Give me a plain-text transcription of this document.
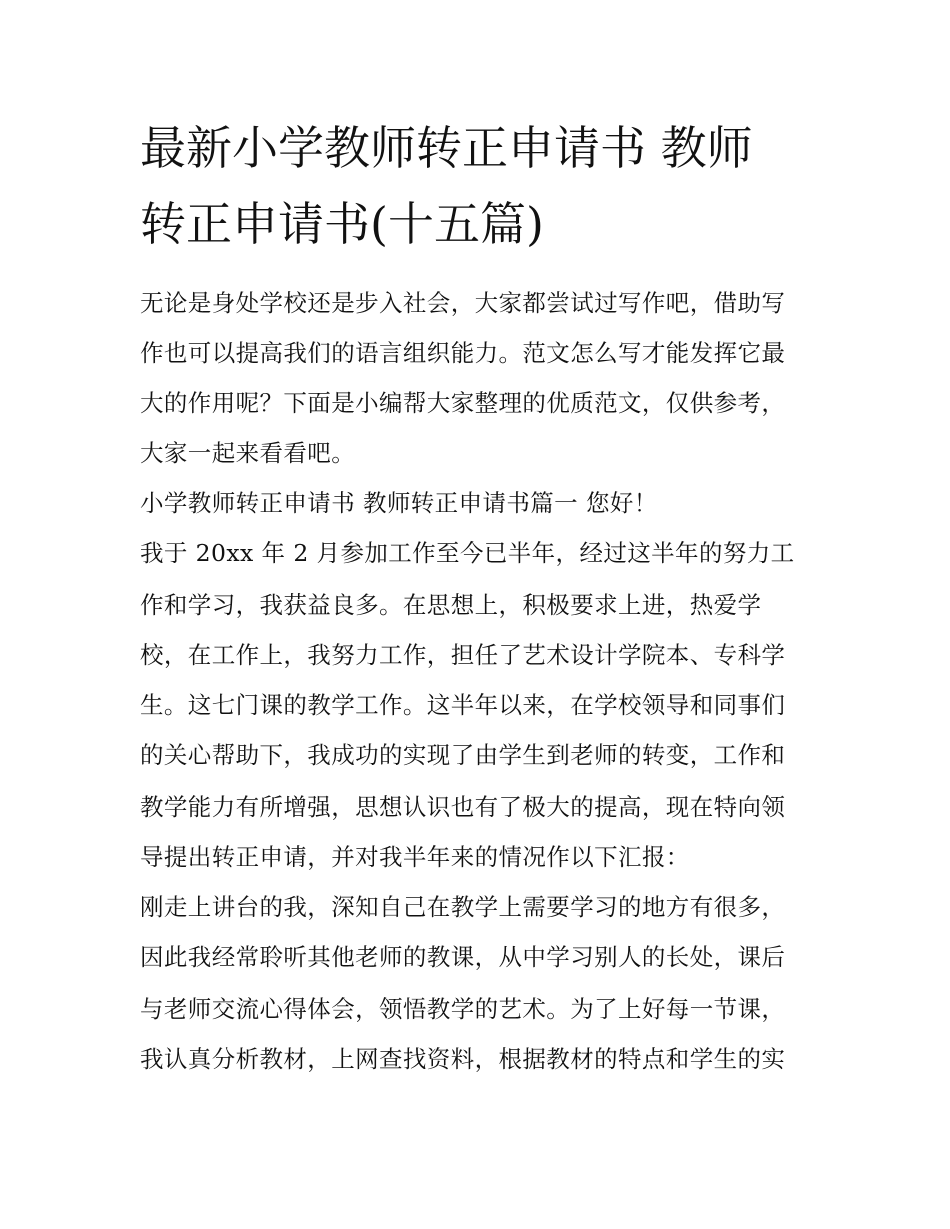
最新小学教师转正申请书 教师
转正申请书(十五篇)

无论是身处学校还是步入社会，大家都尝试过写作吧，借助写

作也可以提高我们的语言组织能力。范文怎么写才能发挥它最

大的作用呢？下面是小编帮大家整理的优质范文，仅供参考，

大家一起来看看吧。

小学教师转正申请书 教师转正申请书篇一 您好！

我于 20xx 年 2 月参加工作至今已半年，经过这半年的努力工

作和学习，我获益良多。在思想上，积极要求上进，热爱学

校，在工作上，我努力工作，担任了艺术设计学院本、专科学

生。这七门课的教学工作。这半年以来，在学校领导和同事们

的关心帮助下，我成功的实现了由学生到老师的转变，工作和

教学能力有所增强，思想认识也有了极大的提高，现在特向领

导提出转正申请，并对我半年来的情况作以下汇报：

刚走上讲台的我，深知自己在教学上需要学习的地方有很多，

因此我经常聆听其他老师的教课，从中学习别人的长处，课后

与老师交流心得体会，领悟教学的艺术。为了上好每一节课，

我认真分析教材，上网查找资料，根据教材的特点和学生的实
